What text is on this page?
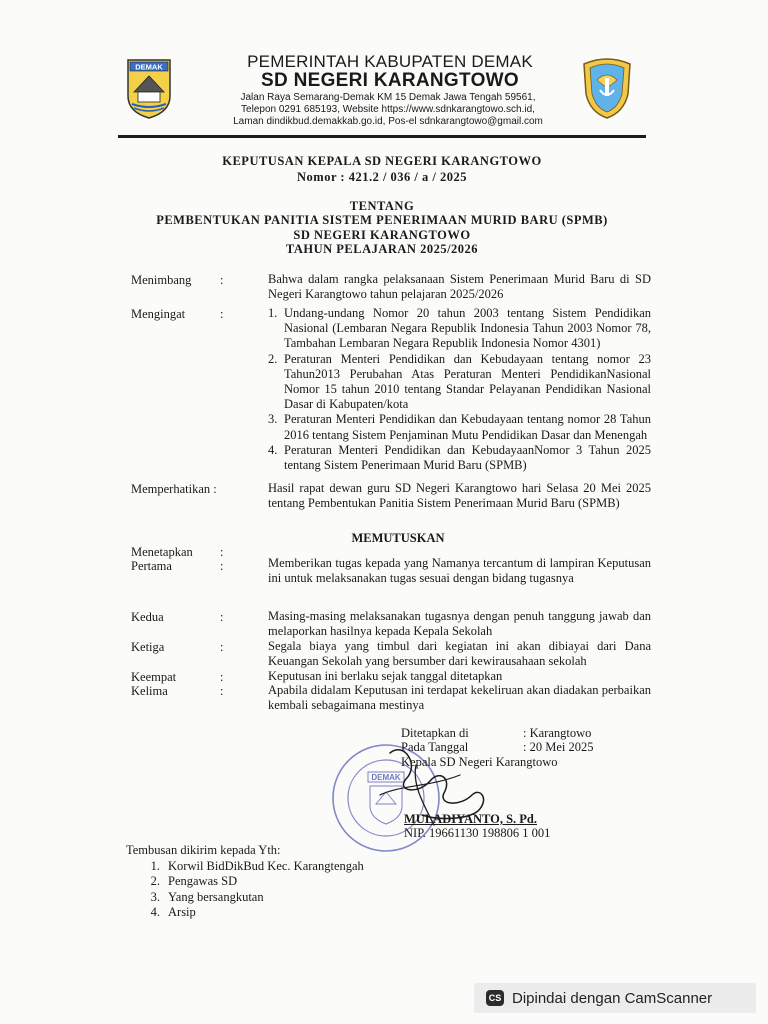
DEMAK	PEMERINTAH KABUPATEN DEMAK
SD NEGERI KARANGTOWO
Jalan Raya Semarang-Demak KM 15 Demak Jawa Tengah 59561,
Telepon 0291 685193, Website https://www.sdnkarangtowo.sch.id,
Laman dindikbud.demakkab.go.id, Pos-el sdnkarangtowo@gmail.com
KEPUTUSAN KEPALA SD NEGERI KARANGTOWO
Nomor : 421.2 / 036 / a / 2025
TENTANG
PEMBENTUKAN PANITIA SISTEM PENERIMAAN MURID BARU (SPMB)
SD NEGERI KARANGTOWO
TAHUN PELAJARAN 2025/2026
Menimbang :	Bahwa dalam rangka pelaksanaan Sistem Penerimaan Murid Baru di SD Negeri Karangtowo tahun pelajaran 2025/2026
Mengingat	:	1. Undang-undang Nomor 20 tahun 2003 tentang Sistem Pendidikan Nasional (Lembaran Negara Republik Indonesia Tahun 2003 Nomor 78, Tambahan Lembaran Negara Republik Indonesia Nomor 4301)
2. Peraturan Menteri Pendidikan dan Kebudayaan tentang nomor 23 Tahun2013 Perubahan Atas Peraturan Menteri PendidikanNasional Nomor 15 tahun 2010 tentang Standar Pelayanan Pendidikan Nasional Dasar di Kabupaten/kota
3. Peraturan Menteri Pendidikan dan Kebudayaan tentang nomor 28 Tahun 2016 tentang Sistem Penjaminan Mutu Pendidikan Dasar dan Menengah
4. Peraturan Menteri Pendidikan dan KebudayaanNomor 3 Tahun 2025 tentang Sistem Penerimaan Murid Baru (SPMB)
Memperhatikan :	Hasil rapat dewan guru SD Negeri Karangtowo hari Selasa 20 Mei 2025 tentang Pembentukan Panitia Sistem Penerimaan Murid Baru (SPMB)
MEMUTUSKAN
Menetapkan :
Pertama	:	Memberikan tugas kepada yang Namanya tercantum di lampiran Keputusan ini untuk melaksanakan tugas sesuai dengan bidang tugasnya
Kedua	:	Masing-masing melaksanakan tugasnya dengan penuh tanggung jawab dan melaporkan hasilnya kepada Kepala Sekolah
Ketiga	:	Segala biaya yang timbul dari kegiatan ini akan dibiayai dari Dana Keuangan Sekolah yang bersumber dari kewirausahaan sekolah
Keempat	:	Keputusan ini berlaku sejak tanggal ditetapkan
Kelima	:	Apabila didalam Keputusan ini terdapat kekeliruan akan diadakan perbaikan kembali sebagaimana mestinya
DEMAK
Ditetapkan di	: Karangtowo
Pada Tanggal	: 20 Mei 2025
Kepala SD Negeri Karangtowo
MULADIYANTO, S. Pd.
NIP. 19661130 198806 1 001
Tembusan dikirim kepada Yth:
1. Korwil BidDikBud Kec. Karangtengah
2. Pengawas SD
3. Yang bersangkutan
4. Arsip
CS Dipindai dengan CamScanner
